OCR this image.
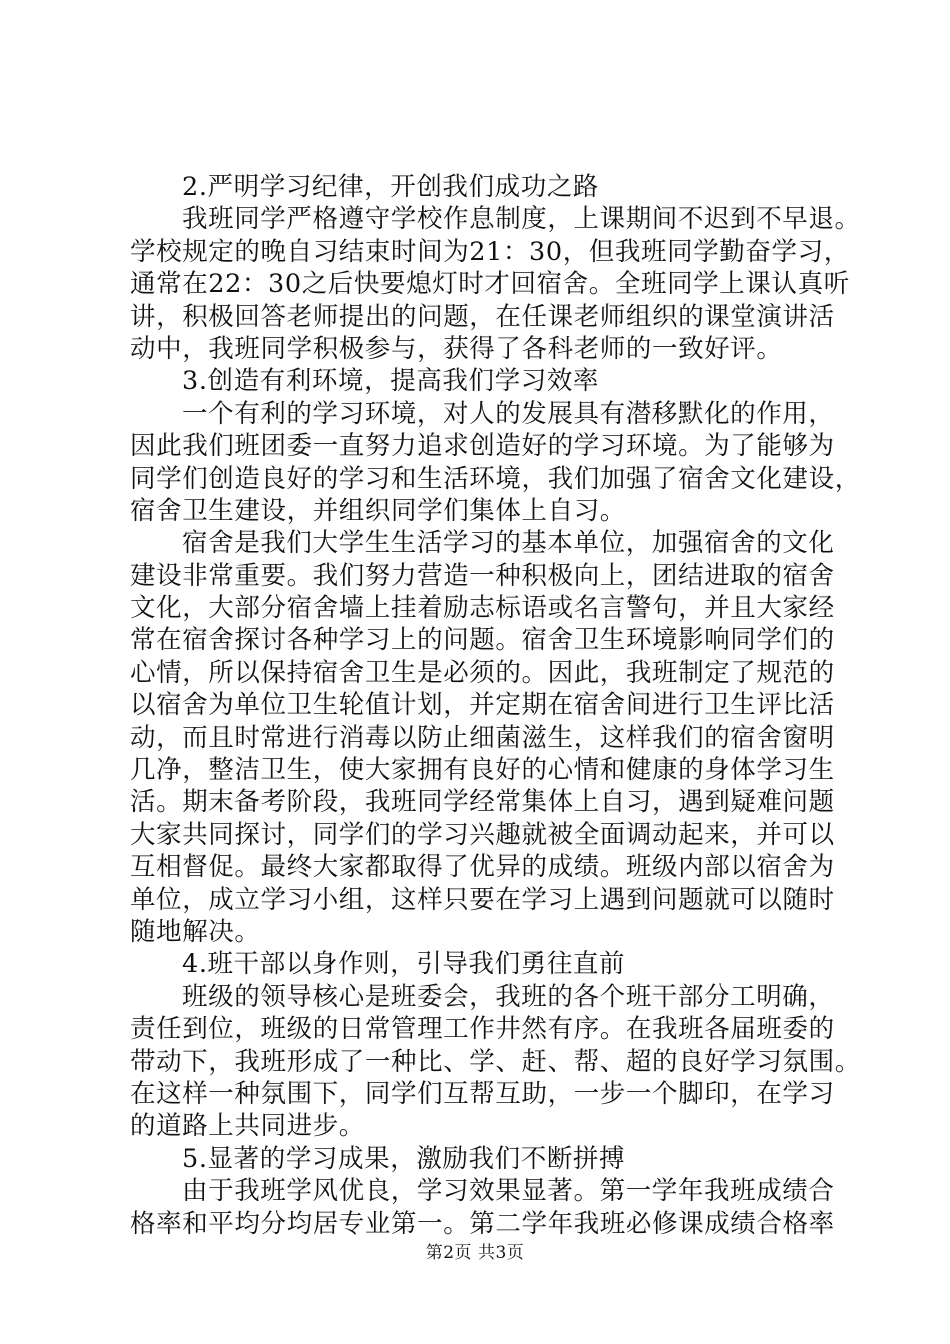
2.严明学习纪律，开创我们成功之路
我班同学严格遵守学校作息制度，上课期间不迟到不早退。
学校规定的晚自习结束时间为21：30，但我班同学勤奋学习，
通常在22：30之后快要熄灯时才回宿舍。全班同学上课认真听
讲，积极回答老师提出的问题，在任课老师组织的课堂演讲活
动中，我班同学积极参与，获得了各科老师的一致好评。
3.创造有利环境，提高我们学习效率
一个有利的学习环境，对人的发展具有潜移默化的作用，
因此我们班团委一直努力追求创造好的学习环境。为了能够为
同学们创造良好的学习和生活环境，我们加强了宿舍文化建设，
宿舍卫生建设，并组织同学们集体上自习。
宿舍是我们大学生生活学习的基本单位，加强宿舍的文化
建设非常重要。我们努力营造一种积极向上，团结进取的宿舍
文化，大部分宿舍墙上挂着励志标语或名言警句，并且大家经
常在宿舍探讨各种学习上的问题。宿舍卫生环境影响同学们的
心情，所以保持宿舍卫生是必须的。因此，我班制定了规范的
以宿舍为单位卫生轮值计划，并定期在宿舍间进行卫生评比活
动，而且时常进行消毒以防止细菌滋生，这样我们的宿舍窗明
几净，整洁卫生，使大家拥有良好的心情和健康的身体学习生
活。期末备考阶段，我班同学经常集体上自习，遇到疑难问题
大家共同探讨，同学们的学习兴趣就被全面调动起来，并可以
互相督促。最终大家都取得了优异的成绩。班级内部以宿舍为
单位，成立学习小组，这样只要在学习上遇到问题就可以随时
随地解决。
4.班干部以身作则，引导我们勇往直前
班级的领导核心是班委会，我班的各个班干部分工明确，
责任到位，班级的日常管理工作井然有序。在我班各届班委的
带动下，我班形成了一种比、学、赶、帮、超的良好学习氛围。
在这样一种氛围下，同学们互帮互助，一步一个脚印，在学习
的道路上共同进步。
5.显著的学习成果，激励我们不断拼搏
由于我班学风优良，学习效果显著。第一学年我班成绩合
格率和平均分均居专业第一。第二学年我班必修课成绩合格率
第2页 共3页
